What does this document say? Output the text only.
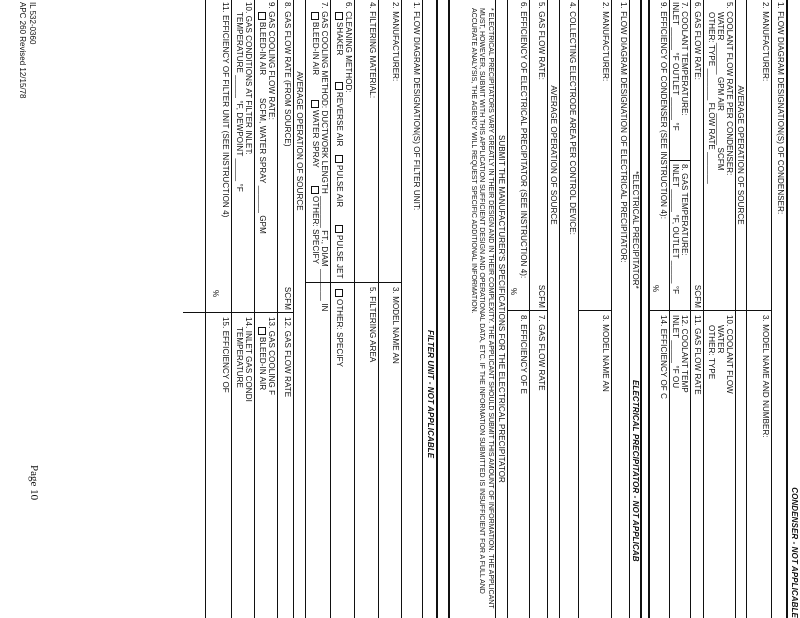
CONDENSER - NOT APPLICABLE
1. FLOW DIAGRAM DESIGNATION(S) OF CONDENSER:
2. MANUFACTURER:
3. MODEL NAME AND NUMBER:
AVERAGE OPERATION OF SOURCE
5. COOLANT FLOW RATE PER CONDENSER:
WATER _______ GPM AIR _______ SCFM
OTHER: TYPE _______ FLOW RATE _______
10. COOLANT FLOW
WATER
OTHER: TYPE
6. GAS FLOW RATE:
SCFM
11. GAS FLOW RATE
7. COOLANT TEMPERATURE:
INLET _____ °F OUTLET _____ °F
8. GAS TEMPERATURE:
INLET _____ °F, OUTLET _____ °F
12. COOLANT TEMP
INLET _____ °F OU
9. EFFICIENCY OF CONDENSER (SEE INSTRUCTION 4):
%
14. EFFICIENCY OF C
ELECTRICAL PRECIPITATOR - NOT APPLICAB
*ELECTRICAL PRECIPITATOR*
1. FLOW DIAGRAM DESIGNATION OF ELECTRICAL PRECIPITATOR:
2. MANUFACTURER:
3. MODEL NAME AN
4. COLLECTING ELECTRODE AREA PER CONTROL DEVICE:
AVERAGE OPERATION OF SOURCE
5. GAS FLOW RATE:
SCFM
7. GAS FLOW RATE
6. EFFICIENCY OF ELECTRICAL PRECIPITATOR (SEE INSTRUCTION 4):
%
8. EFFICIENCY OF E
SUBMIT THE MANUFACTURER'S SPECIFICATIONS FOR THE ELECTRICAL PRECIPITATOR
* ELECTRICAL PRECIPITATORS VARY GREATLY IN THEIR DESIGN AND IN THEIR COMPLEXITY. THE APPLICANT SHOULD SUBMIT THIS AMOUNT OF INFORMATION. THE APPLICANT MUST, HOWEVER, SUBMIT WITH THIS APPLICATION SUFFICIENT DESIGN AND OPERATIONAL DATA, ETC. IF THE INFORMATION SUBMITTED IS INSUFFICIENT FOR A FULL AND ACCURATE ANALYSIS, THE AGENCY WILL REQUEST SPECIFIC ADDITIONAL INFORMATION.
FILTER UNIT - NOT APPLICABLE
1. FLOW DIAGRAM DESIGNATION(S) OF FILTER UNIT:
2. MANUFACTURER:
3. MODEL NAME AN
4. FILTERING MATERIAL:
5. FILTERING AREA
6. CLEANING METHOD:
SHAKER
REVERSE AIR
PULSE AIR
PULSE JET
OTHER: SPECIFY
7. GAS COOLING METHOD: DUCTWORK LENGTH _______ FT., DIAM _______ IN
BLEED-IN AIR
WATER SPRAY
OTHER: SPECIFY
AVERAGE OPERATION OF SOURCE
8. GAS FLOW RATE (FROM SOURCE)
SCFM
12. GAS FLOW RATE
9. GAS COOLING FLOW RATE:
BLEED-IN AIR
SCFM, WATER SPRAY ______ GPM
13. GAS COOLING F
BLEED-IN AIR
10. GAS CONDITIONS AT FILTER INLET:
TEMPERATURE _____ °F, DEWPOINT _____ °F
14. INLET GAS CONDI
TEMPERATURE
11. EFFICIENCY OF FILTER UNIT (SEE INSTRUCTION 4)
%
15. EFFICIENCY OF
IL 532-0360
APC 260 Revised 12/15/78
Page 10
